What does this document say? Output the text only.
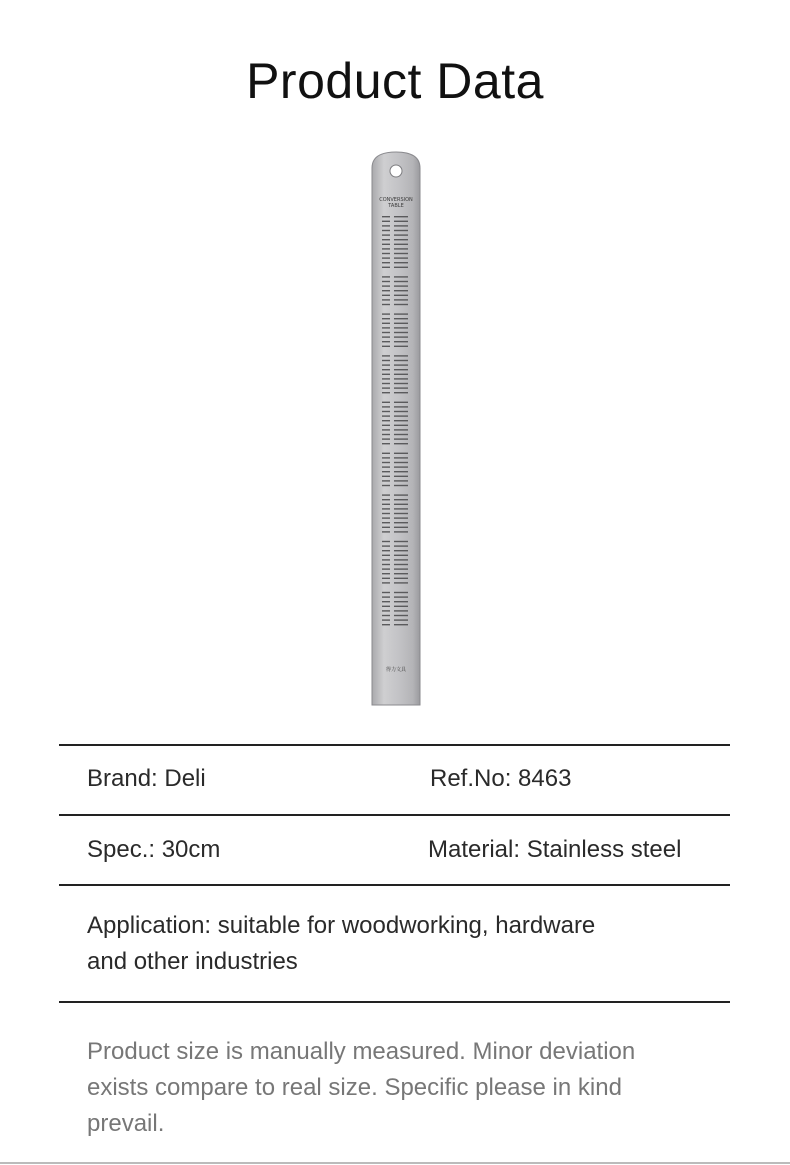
Product Data
CONVERSION
TABLE
得力文具
Brand: Deli	Ref.No: 8463
Spec.: 30cm	Material: Stainless steel
Application: suitable for woodworking, hardware
and other industries
Product size is manually measured. Minor deviation
exists compare to real size. Specific please in kind
prevail.
